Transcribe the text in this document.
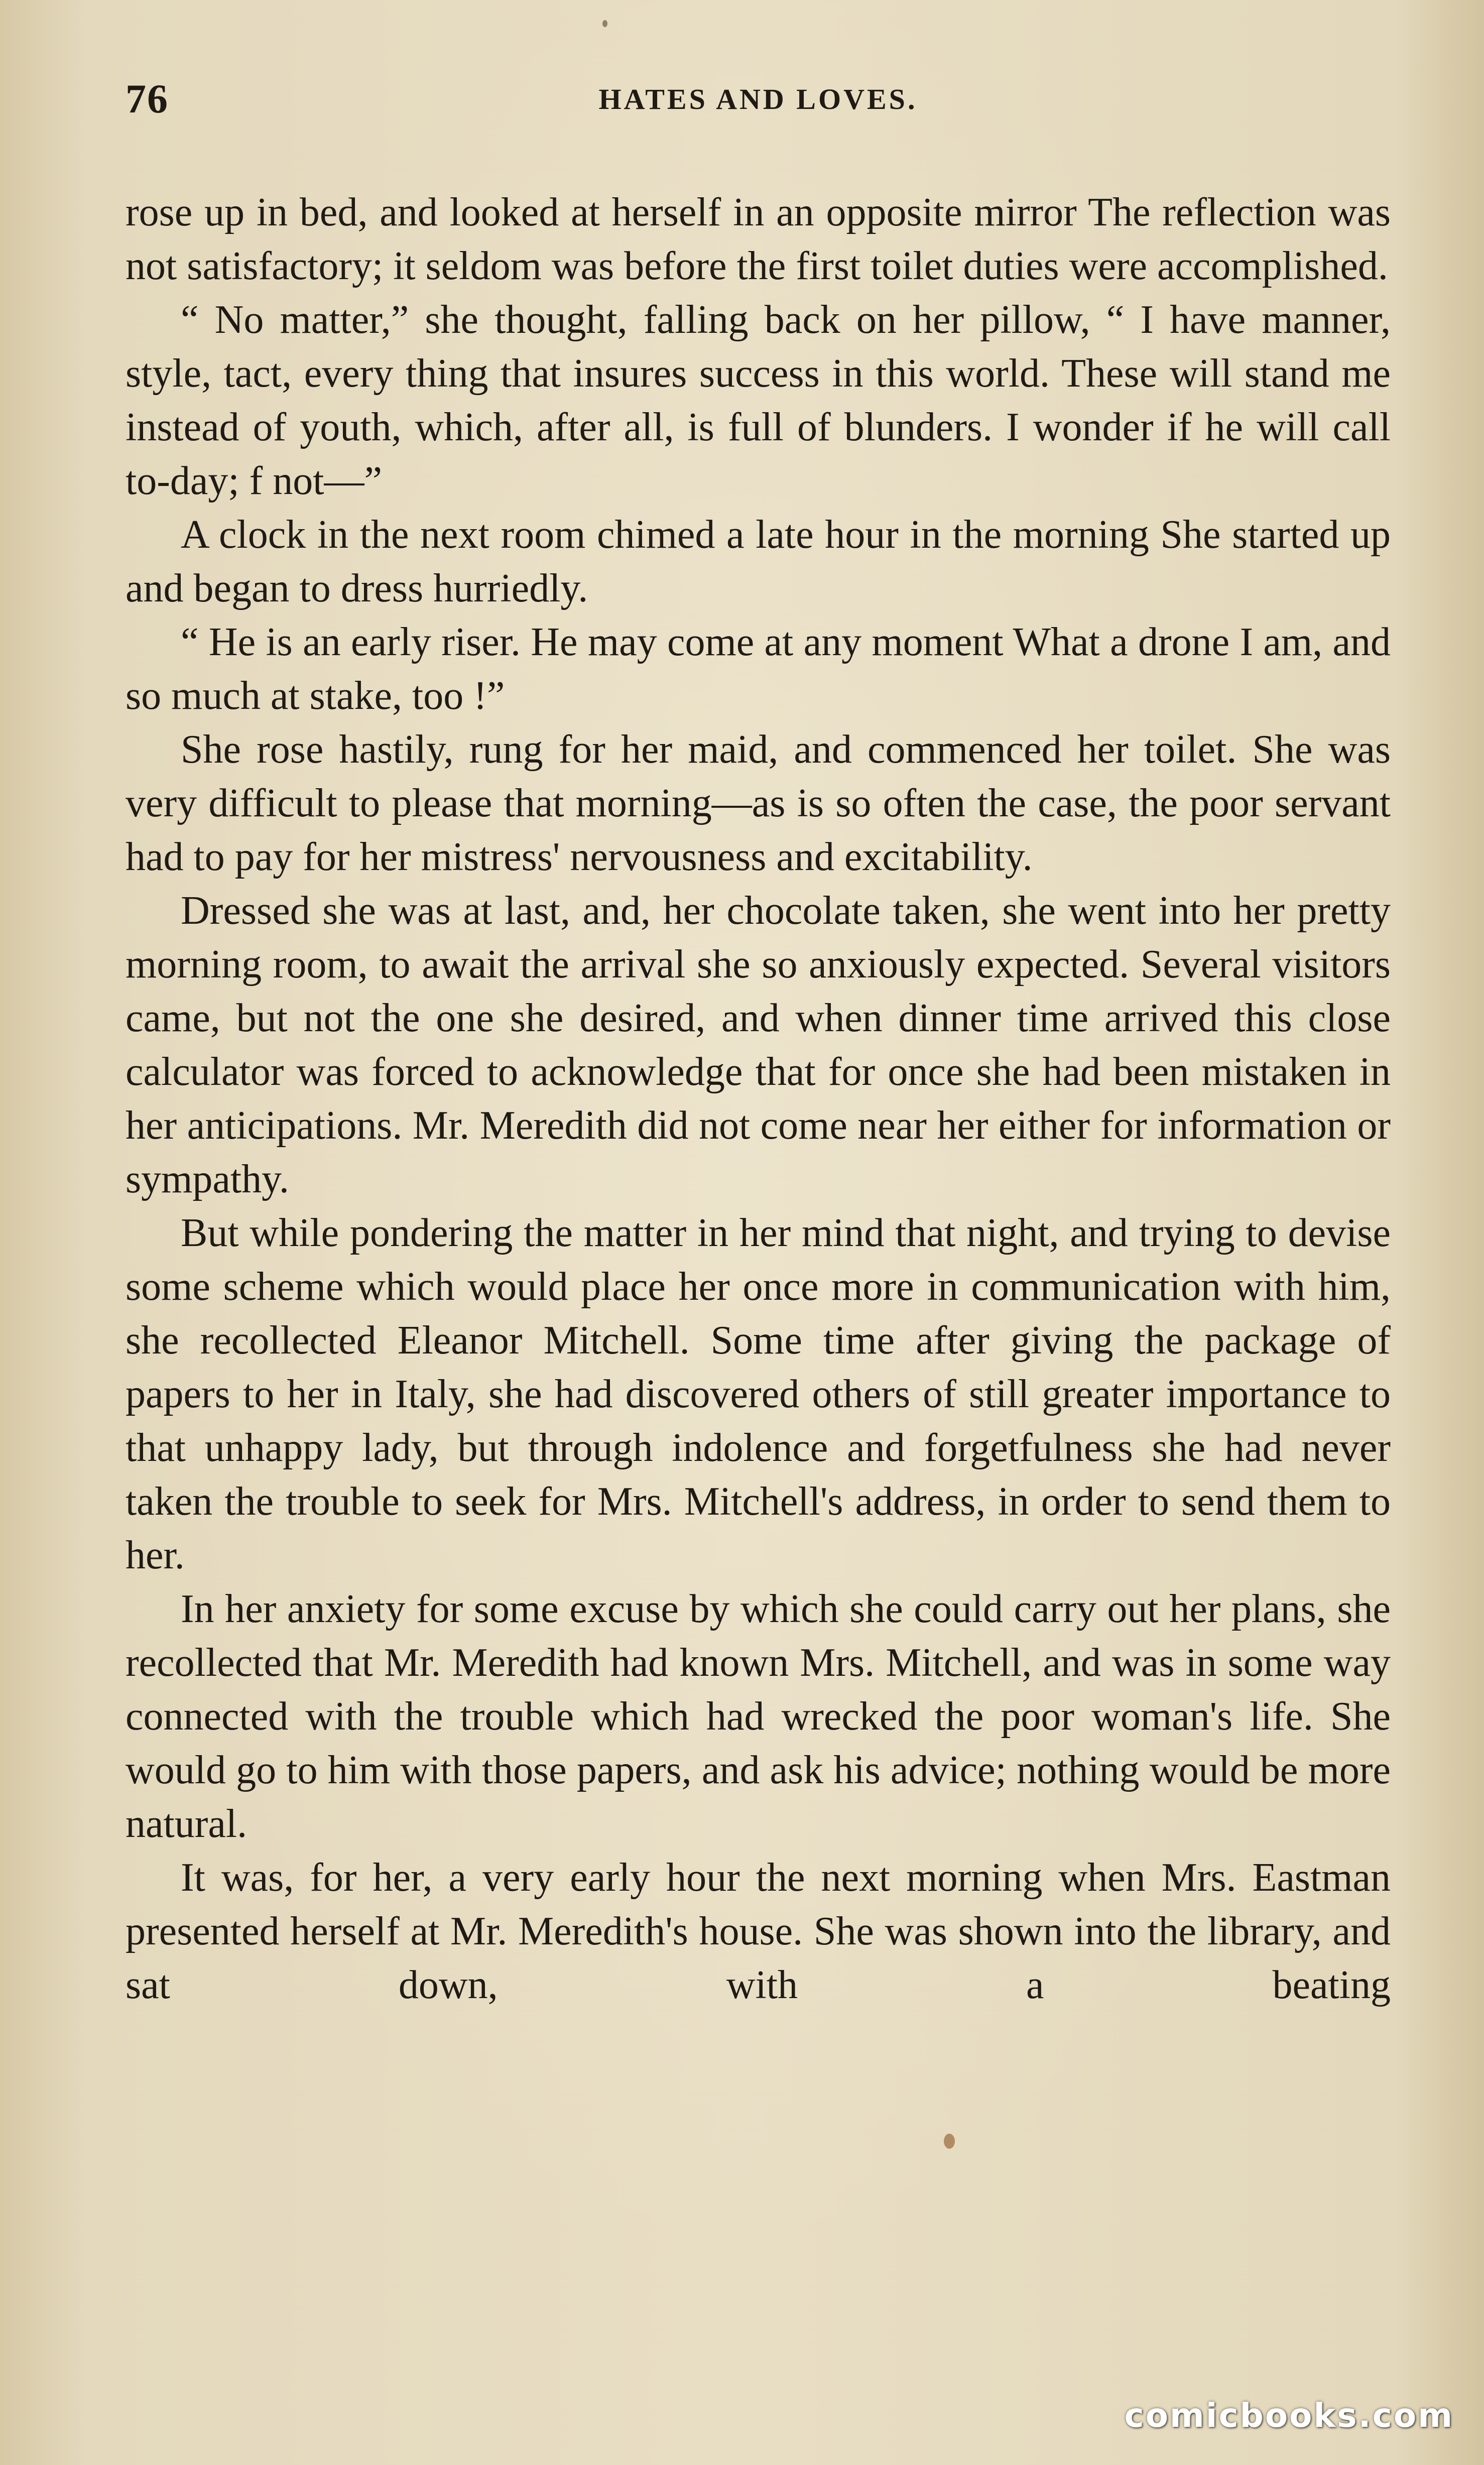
76	HATES AND LOVES.

rose up in bed, and looked at herself in an opposite mirror The reflection was not satisfactory; it seldom was before the first toilet duties were accomplished.

“ No matter,” she thought, falling back on her pillow, “ I have manner, style, tact, every thing that insures success in this world. These will stand me instead of youth, which, after all, is full of blunders. I wonder if he will call to-day; f not—”

A clock in the next room chimed a late hour in the morning She started up and began to dress hurriedly.

“ He is an early riser. He may come at any moment What a drone I am, and so much at stake, too !”

She rose hastily, rung for her maid, and commenced her toilet. She was very difficult to please that morning—as is so often the case, the poor servant had to pay for her mistress' nervousness and excitability.

Dressed she was at last, and, her chocolate taken, she went into her pretty morning room, to await the arrival she so anxiously expected. Several visitors came, but not the one she desired, and when dinner time arrived this close calculator was forced to acknowledge that for once she had been mistaken in her anticipations. Mr. Meredith did not come near her either for information or sympathy.

But while pondering the matter in her mind that night, and trying to devise some scheme which would place her once more in communication with him, she recollected Eleanor Mitchell. Some time after giving the package of papers to her in Italy, she had discovered others of still greater importance to that unhappy lady, but through indolence and forgetfulness she had never taken the trouble to seek for Mrs. Mitchell's address, in order to send them to her.

In her anxiety for some excuse by which she could carry out her plans, she recollected that Mr. Meredith had known Mrs. Mitchell, and was in some way connected with the trouble which had wrecked the poor woman's life. She would go to him with those papers, and ask his advice; nothing would be more natural.

It was, for her, a very early hour the next morning when Mrs. Eastman presented herself at Mr. Meredith's house. She was shown into the library, and sat down, with a beating

comicbooks.com
